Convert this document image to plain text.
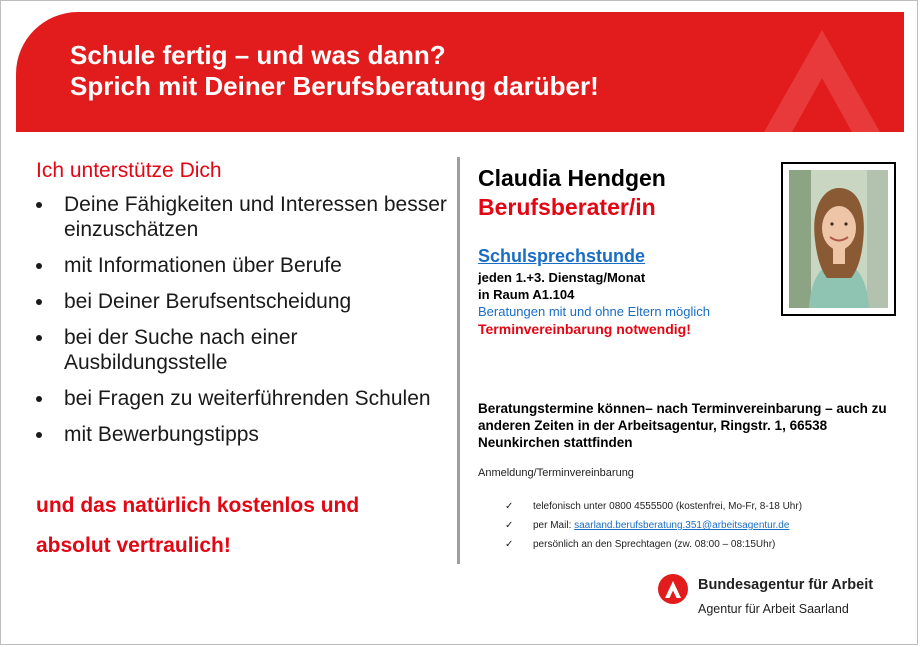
Schule fertig – und was dann?
Sprich mit Deiner Berufsberatung darüber!
Ich unterstütze Dich
Deine Fähigkeiten und Interessen besser einzuschätzen
mit Informationen über Berufe
bei Deiner Berufsentscheidung
bei der Suche nach einer Ausbildungsstelle
bei Fragen zu weiterführenden Schulen
mit Bewerbungstipps
und das natürlich kostenlos und
absolut vertraulich!
Claudia Hendgen
Berufsberater/in
Schulsprechstunde
jeden 1.+3. Dienstag/Monat
in Raum A1.104
Beratungen mit und ohne Eltern möglich
Terminvereinbarung notwendig!
Beratungstermine können– nach Terminvereinbarung – auch zu anderen Zeiten in der Arbeitsagentur, Ringstr. 1, 66538 Neunkirchen stattfinden
Anmeldung/Terminvereinbarung
✓ telefonisch unter 0800 4555500 (kostenfrei, Mo-Fr, 8-18 Uhr)
✓ per Mail: saarland.berufsberatung.351@arbeitsagentur.de
✓ persönlich an den Sprechtagen (zw. 08:00 – 08:15Uhr)
Bundesagentur für Arbeit
Agentur für Arbeit Saarland
